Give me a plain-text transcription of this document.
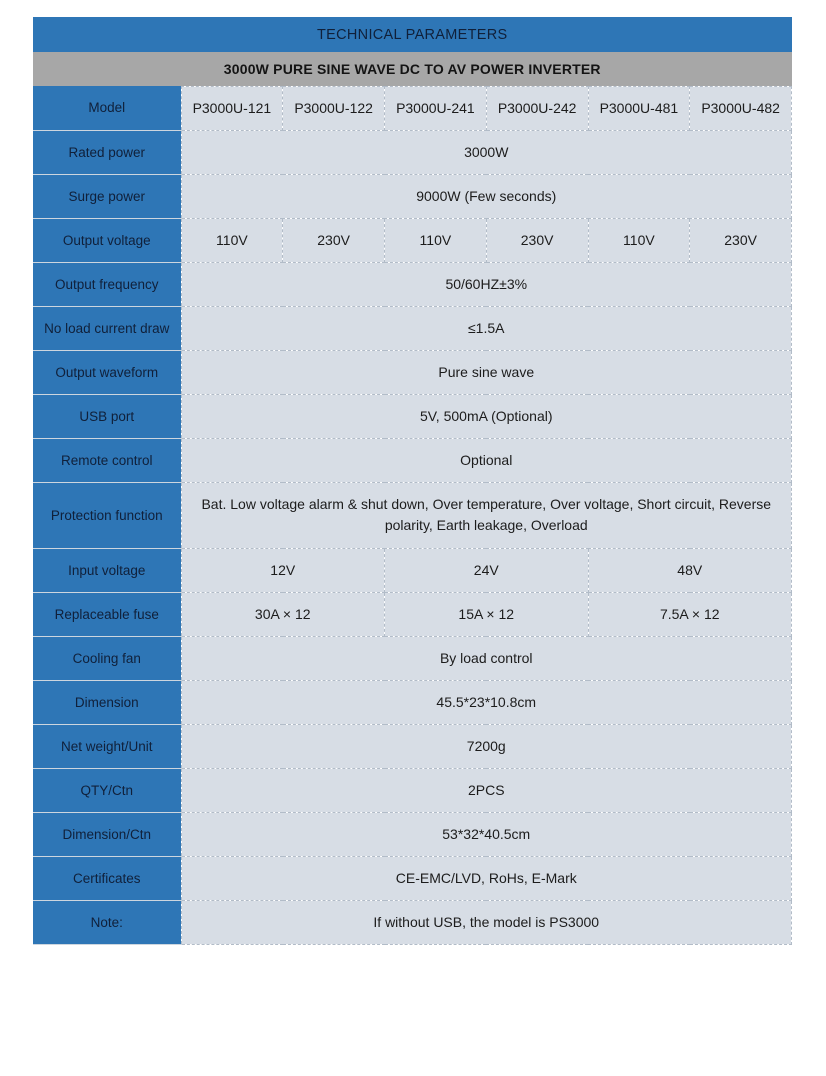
TECHNICAL PARAMETERS						
3000W PURE SINE WAVE DC TO AV POWER INVERTER						
Model	P3000U-121	P3000U-122	P3000U-241	P3000U-242	P3000U-481	P3000U-482
Rated power	3000W					
Surge power	9000W (Few seconds)					
Output voltage	110V	230V	110V	230V	110V	230V
Output frequency	50/60HZ±3%					
No load current draw	≤1.5A					
Output waveform	Pure sine wave					
USB port	5V, 500mA (Optional)					
Remote control	Optional					
Protection function	Bat. Low voltage alarm & shut down, Over temperature, Over voltage, Short circuit, Reverse polarity, Earth leakage, Overload					
Input voltage	12V		24V		48V	
Replaceable fuse	30A × 12		15A × 12		7.5A × 12	
Cooling fan	By load control					
Dimension	45.5*23*10.8cm					
Net weight/Unit	7200g					
QTY/Ctn	2PCS					
Dimension/Ctn	53*32*40.5cm					
Certificates	CE-EMC/LVD, RoHs, E-Mark					
Note:	If without USB, the model is PS3000					
